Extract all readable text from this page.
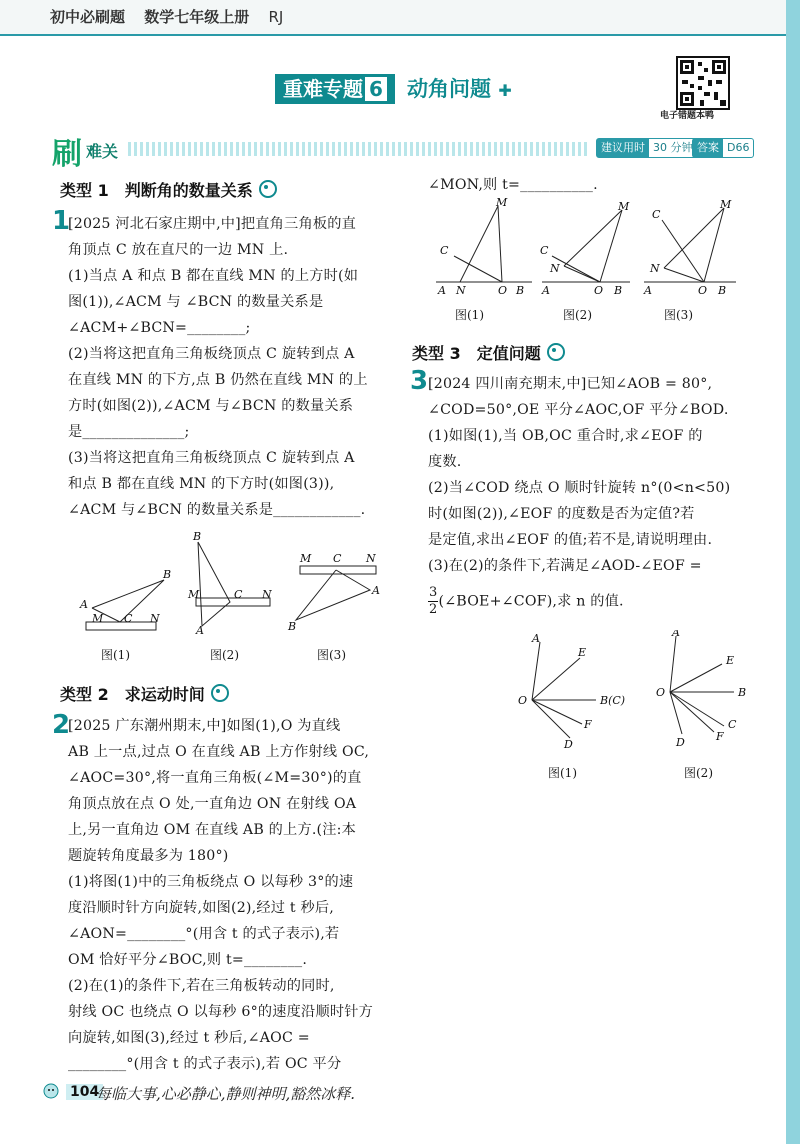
初中必刷题 数学七年级上册 RJ
重难专题 6	动角问题 ✚
电子错题本鸭
刷 难关	建议用时 30 分钟 答案 D66
类型 1　判断角的数量关系
1

[2025 河北石家庄期中,中]把直角三角板的直

角顶点 C 放在直尺的一边 MN 上.

(1)当点 A 和点 B 都在直线 MN 的上方时(如

图(1)),∠ACM 与 ∠BCN 的数量关系是

∠ACM+∠BCN=________;

(2)当将这把直角三角板绕顶点 C 旋转到点 A

在直线 MN 的下方,点 B 仍然在直线 MN 的上

方时(如图(2)),∠ACM 与∠BCN 的数量关系

是______________;

(3)当将这把直角三角板绕顶点 C 旋转到点 A

和点 B 都在直线 MN 的下方时(如图(3)),

∠ACM 与∠BCN 的数量关系是____________.

A
B
M C N
B
M	C N
A
M C N
A
B
图(1)	图(2)	图(3)
类型 2　求运动时间
2

[2025 广东潮州期末,中]如图(1),O 为直线

AB 上一点,过点 O 在直线 AB 上方作射线 OC,

∠AOC=30°,将一直角三角板(∠M=30°)的直

角顶点放在点 O 处,一直角边 ON 在射线 OA

上,另一直角边 OM 在直线 AB 的上方.(注:本

题旋转角度最多为 180°)

(1)将图(1)中的三角板绕点 O 以每秒 3°的速

度沿顺时针方向旋转,如图(2),经过 t 秒后,

∠AON=________°(用含 t 的式子表示),若

OM 恰好平分∠BOC,则 t=________.

(2)在(1)的条件下,若在三角板转动的同时,

射线 OC 也绕点 O 以每秒 6°的速度沿顺时针方

向旋转,如图(3),经过 t 秒后,∠AOC =

________°(用含 t 的式子表示),若 OC 平分

∠MON,则 t=__________.

M
C
A N	O B
M
C
N
A	O B
M
C
N
A	O B
图(1)	图(2)	图(3)
类型 3　定值问题
3 [2024 四川南充期末,中]已知∠AOB = 80°,

∠COD=50°,OE 平分∠AOC,OF 平分∠BOD.

(1)如图(1),当 OB,OC 重合时,求∠EOF 的

度数.

(2)当∠COD 绕点 O 顺时针旋转 n°(0<n<50)

时(如图(2)),∠EOF 的度数是否为定值?若

是定值,求出∠EOF 的值;若不是,请说明理由.

(3)在(2)的条件下,若满足∠AOD-∠EOF =

$\frac{3}{2}$ (∠BOE+∠COF),求 n 的值.

A
E
O	B(C)
F
D
A
E
O	B
C
F
D
图(1)	图(2)
104
每临大事,心必静心,静则神明,豁然冰释.
